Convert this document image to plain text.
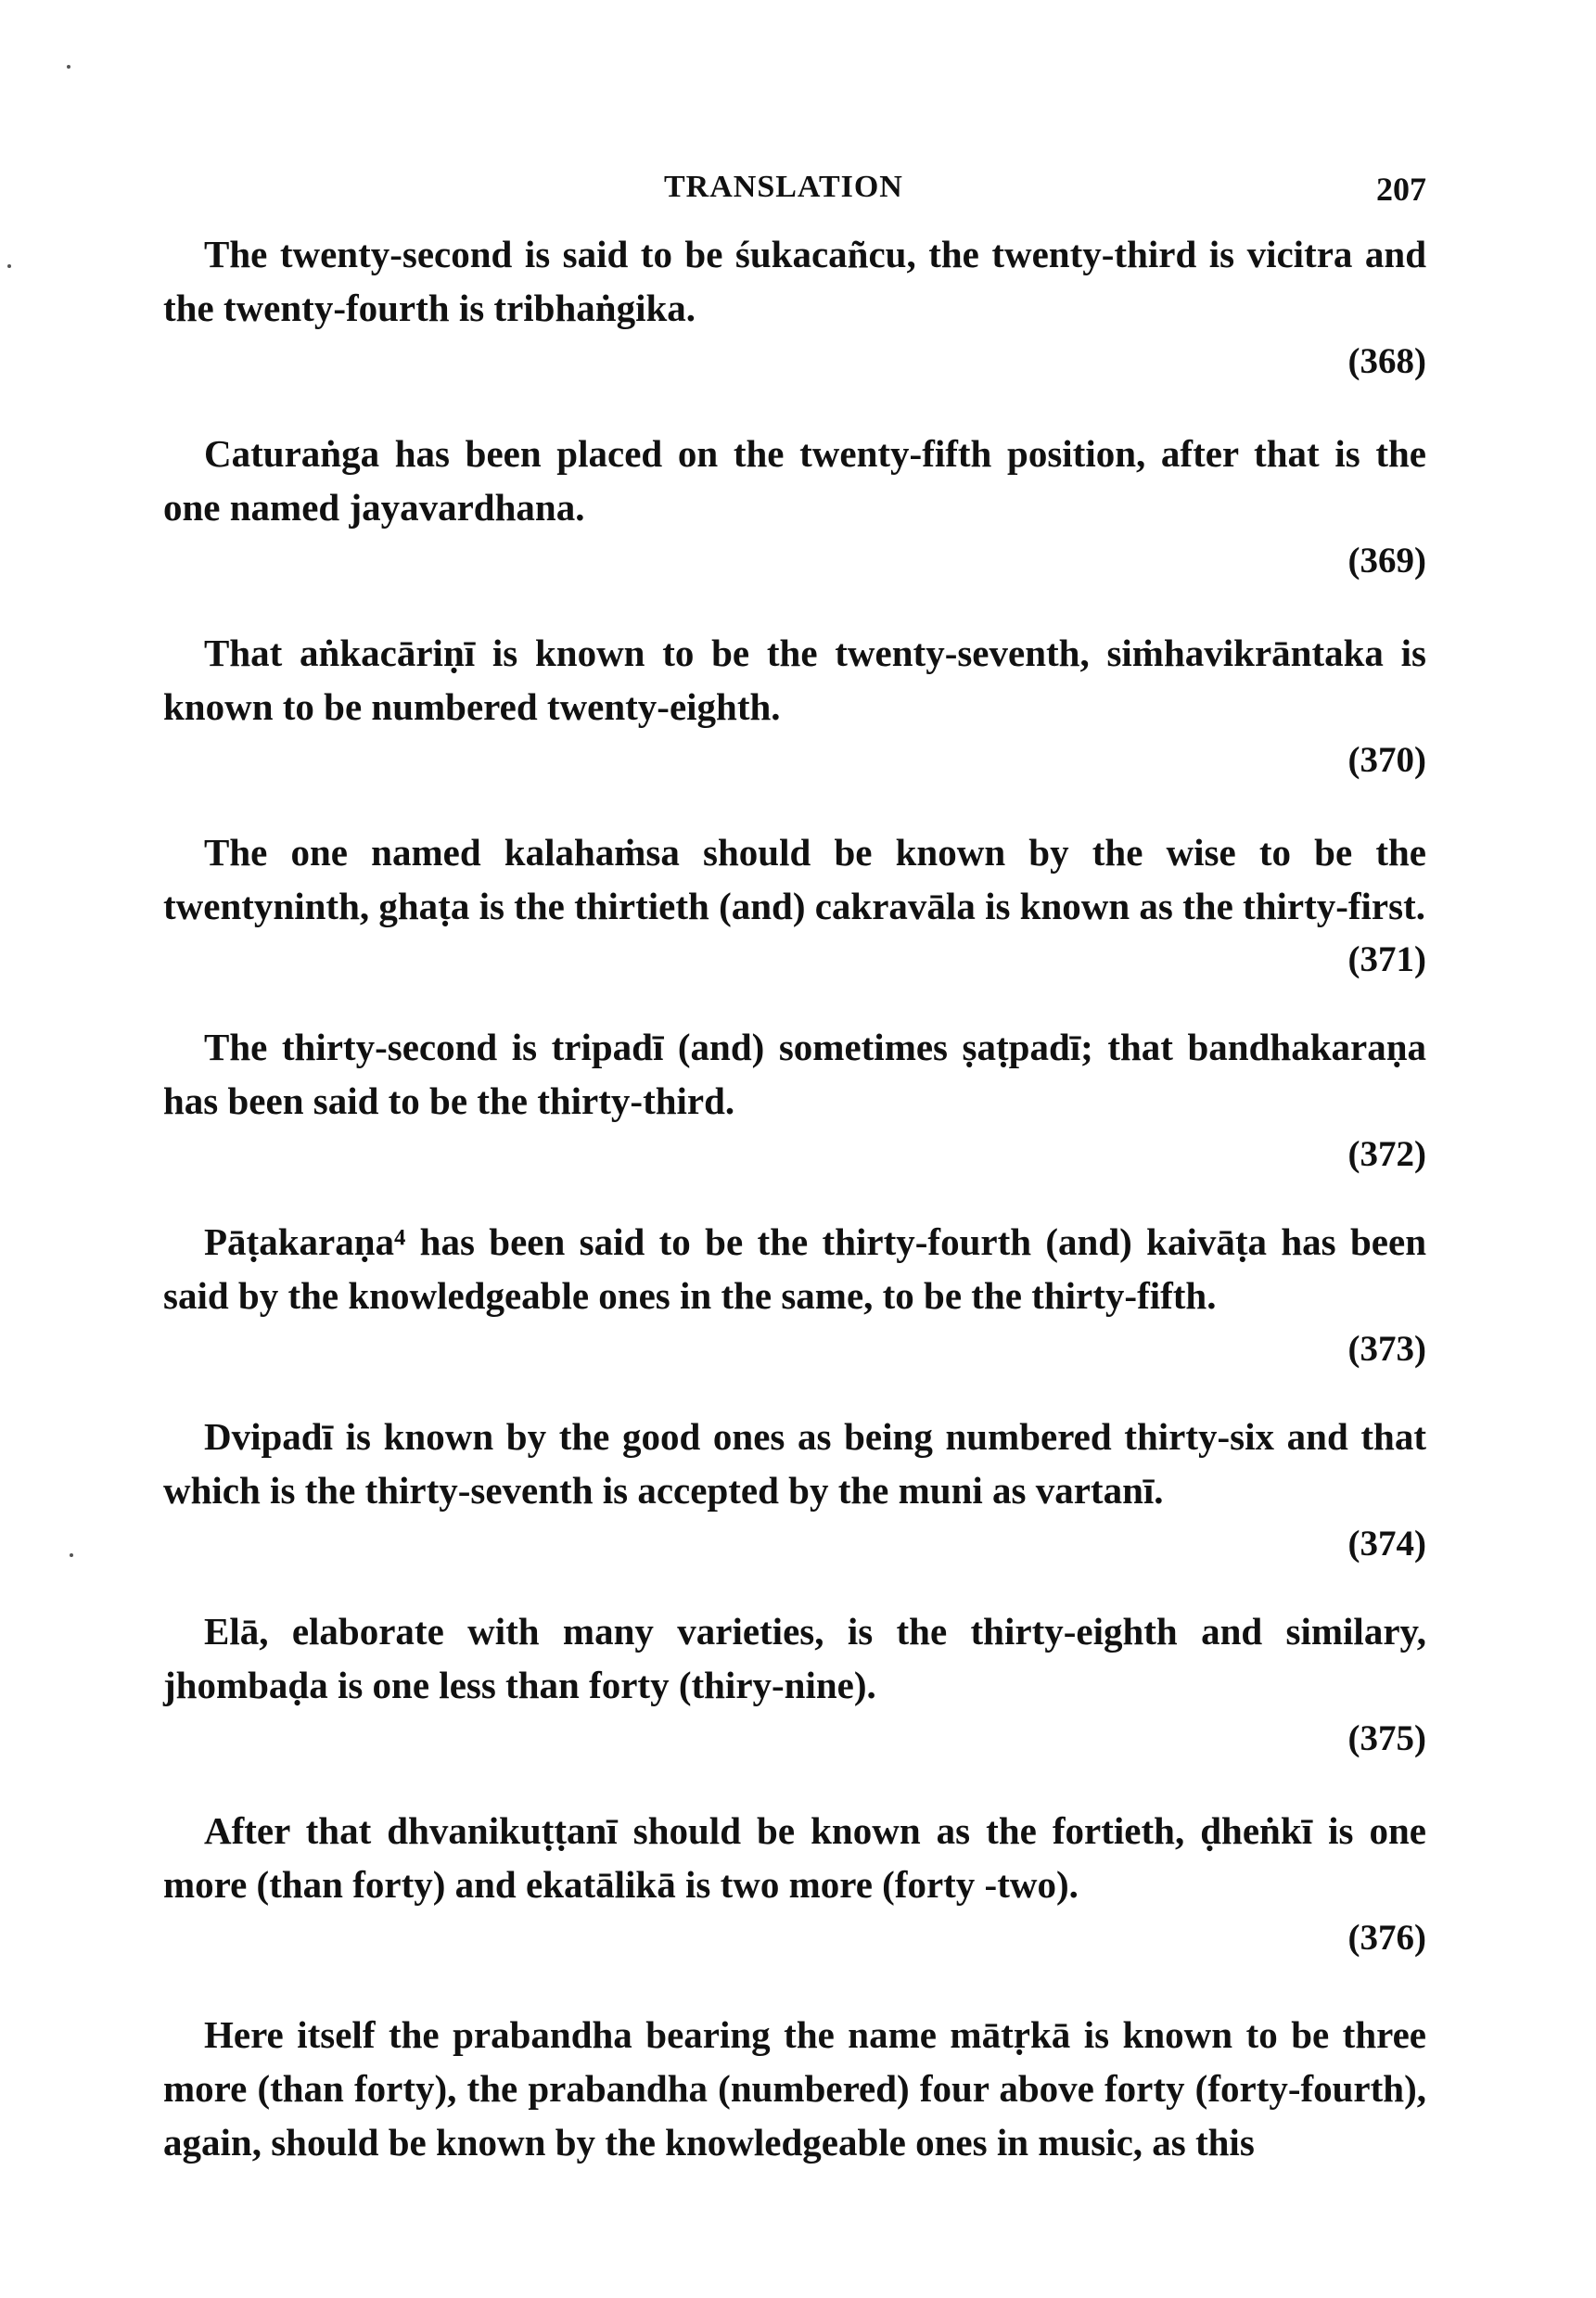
TRANSLATION	207

The twenty-second is said to be śukacañcu, the twenty-third is vicitra and the twenty-fourth is tribhaṅgika.

(368)

Caturaṅga has been placed on the twenty-fifth position, after that is the one named jayavardhana.

(369)

That aṅkacāriṇī is known to be the twenty-seventh, siṁhavikrāntaka is known to be numbered twenty-eighth.

(370)

The one named kalahaṁsa should be known by the wise to be the twentyninth, ghaṭa is the thirtieth (and) cakravāla is known as the thirty-first.

(371)

The thirty-second is tripadī (and) sometimes ṣaṭpadī; that bandhakaraṇa has been said to be the thirty-third.

(372)

Pāṭakaraṇa⁴ has been said to be the thirty-fourth (and) kaivāṭa has been said by the knowledgeable ones in the same, to be the thirty-fifth.

(373)

Dvipadī is known by the good ones as being numbered thirty-six and that which is the thirty-seventh is accepted by the muni as vartanī.

(374)

Elā, elaborate with many varieties, is the thirty-eighth and similary, jhombaḍa is one less than forty (thiry-nine).

(375)

After that dhvanikuṭṭanī should be known as the fortieth, ḍheṅkī is one more (than forty) and ekatālikā is two more (forty -two).

(376)

Here itself the prabandha bearing the name mātṛkā is known to be three more (than forty), the prabandha (numbered) four above forty (forty-fourth), again, should be known by the knowledgeable ones in music, as this
